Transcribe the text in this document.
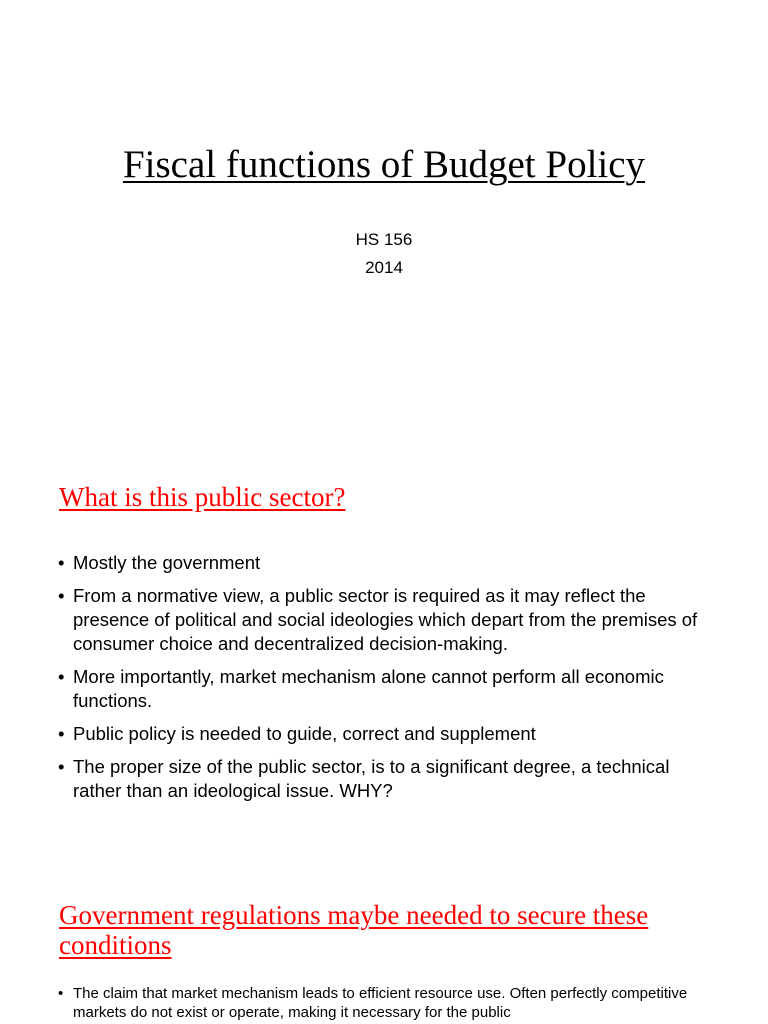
Fiscal functions of Budget Policy
HS 156
2014
What is this public sector?
• Mostly the government
• From a normative view, a public sector is required as it may reflect the presence of political and social ideologies which depart from the premises of consumer choice and decentralized decision-making.
• More importantly, market mechanism alone cannot perform all economic functions.
• Public policy is needed to guide, correct and supplement
• The proper size of the public sector, is to a significant degree, a technical rather than an ideological issue. WHY?
Government regulations maybe needed to secure these conditions
• The claim that market mechanism leads to efficient resource use. Often perfectly competitive markets do not exist or operate, making it necessary for the public
